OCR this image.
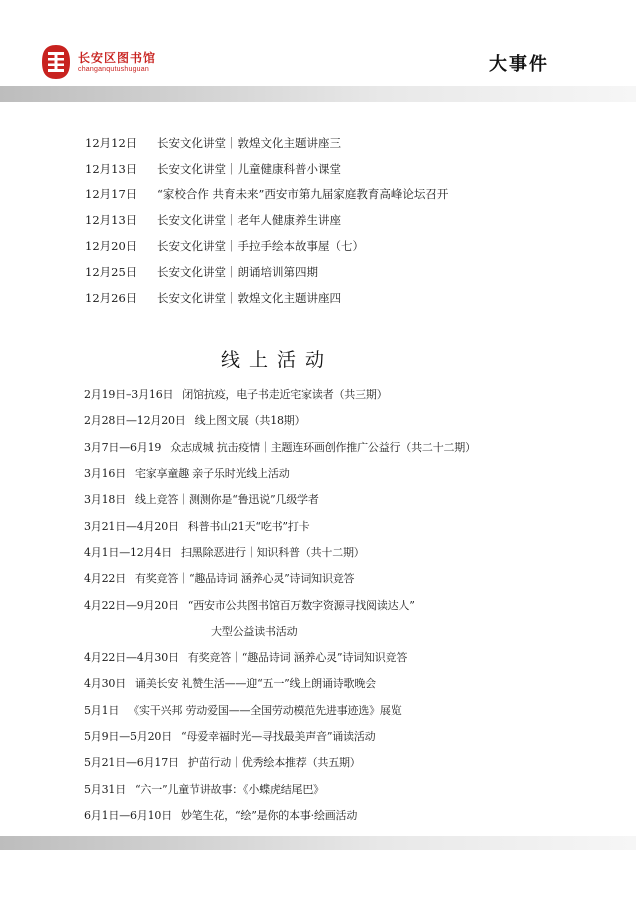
长安区图书馆
changanqutushuguan	大事件
12月12日	长安文化讲堂｜敦煌文化主题讲座三
12月13日	长安文化讲堂｜儿童健康科普小课堂
12月17日	“家校合作 共育未来”西安市第九届家庭教育高峰论坛召开
12月13日	长安文化讲堂｜老年人健康养生讲座
12月20日	长安文化讲堂｜手拉手绘本故事屋（七）
12月25日	长安文化讲堂｜朗诵培训第四期
12月26日	长安文化讲堂｜敦煌文化主题讲座四
线上活动
2月19日–3月16日 闭馆抗疫，电子书走近宅家读者（共三期）
2月28日—12月20日 线上图文展（共18期）
3月7日—6月19 众志成城 抗击疫情｜主题连环画创作推广公益行（共二十二期）
3月16日 宅家享童趣 亲子乐时光线上活动
3月18日 线上竞答｜测测你是“鲁迅说”几级学者
3月21日—4月20日 科普书山21天“吃书”打卡
4月1日—12月4日 扫黑除恶进行｜知识科普（共十二期）
4月22日 有奖竞答｜“趣品诗词 涵养心灵”诗词知识竞答
4月22日—9月20日 “西安市公共图书馆百万数字资源寻找阅读达人”
大型公益读书活动
4月22日—4月30日 有奖竞答｜“趣品诗词 涵养心灵”诗词知识竞答
4月30日 诵美长安 礼赞生活——迎“五一”线上朗诵诗歌晚会
5月1日 《实干兴邦 劳动爱国——全国劳动模范先进事迹选》展览
5月9日—5月20日 “母爱幸福时光—寻找最美声音”诵读活动
5月21日—6月17日 护苗行动｜优秀绘本推荐（共五期）
5月31日 “六一”儿童节讲故事：《小蝶虎结尾巴》
6月1日—6月10日 妙笔生花，“绘”是你的本事·绘画活动
